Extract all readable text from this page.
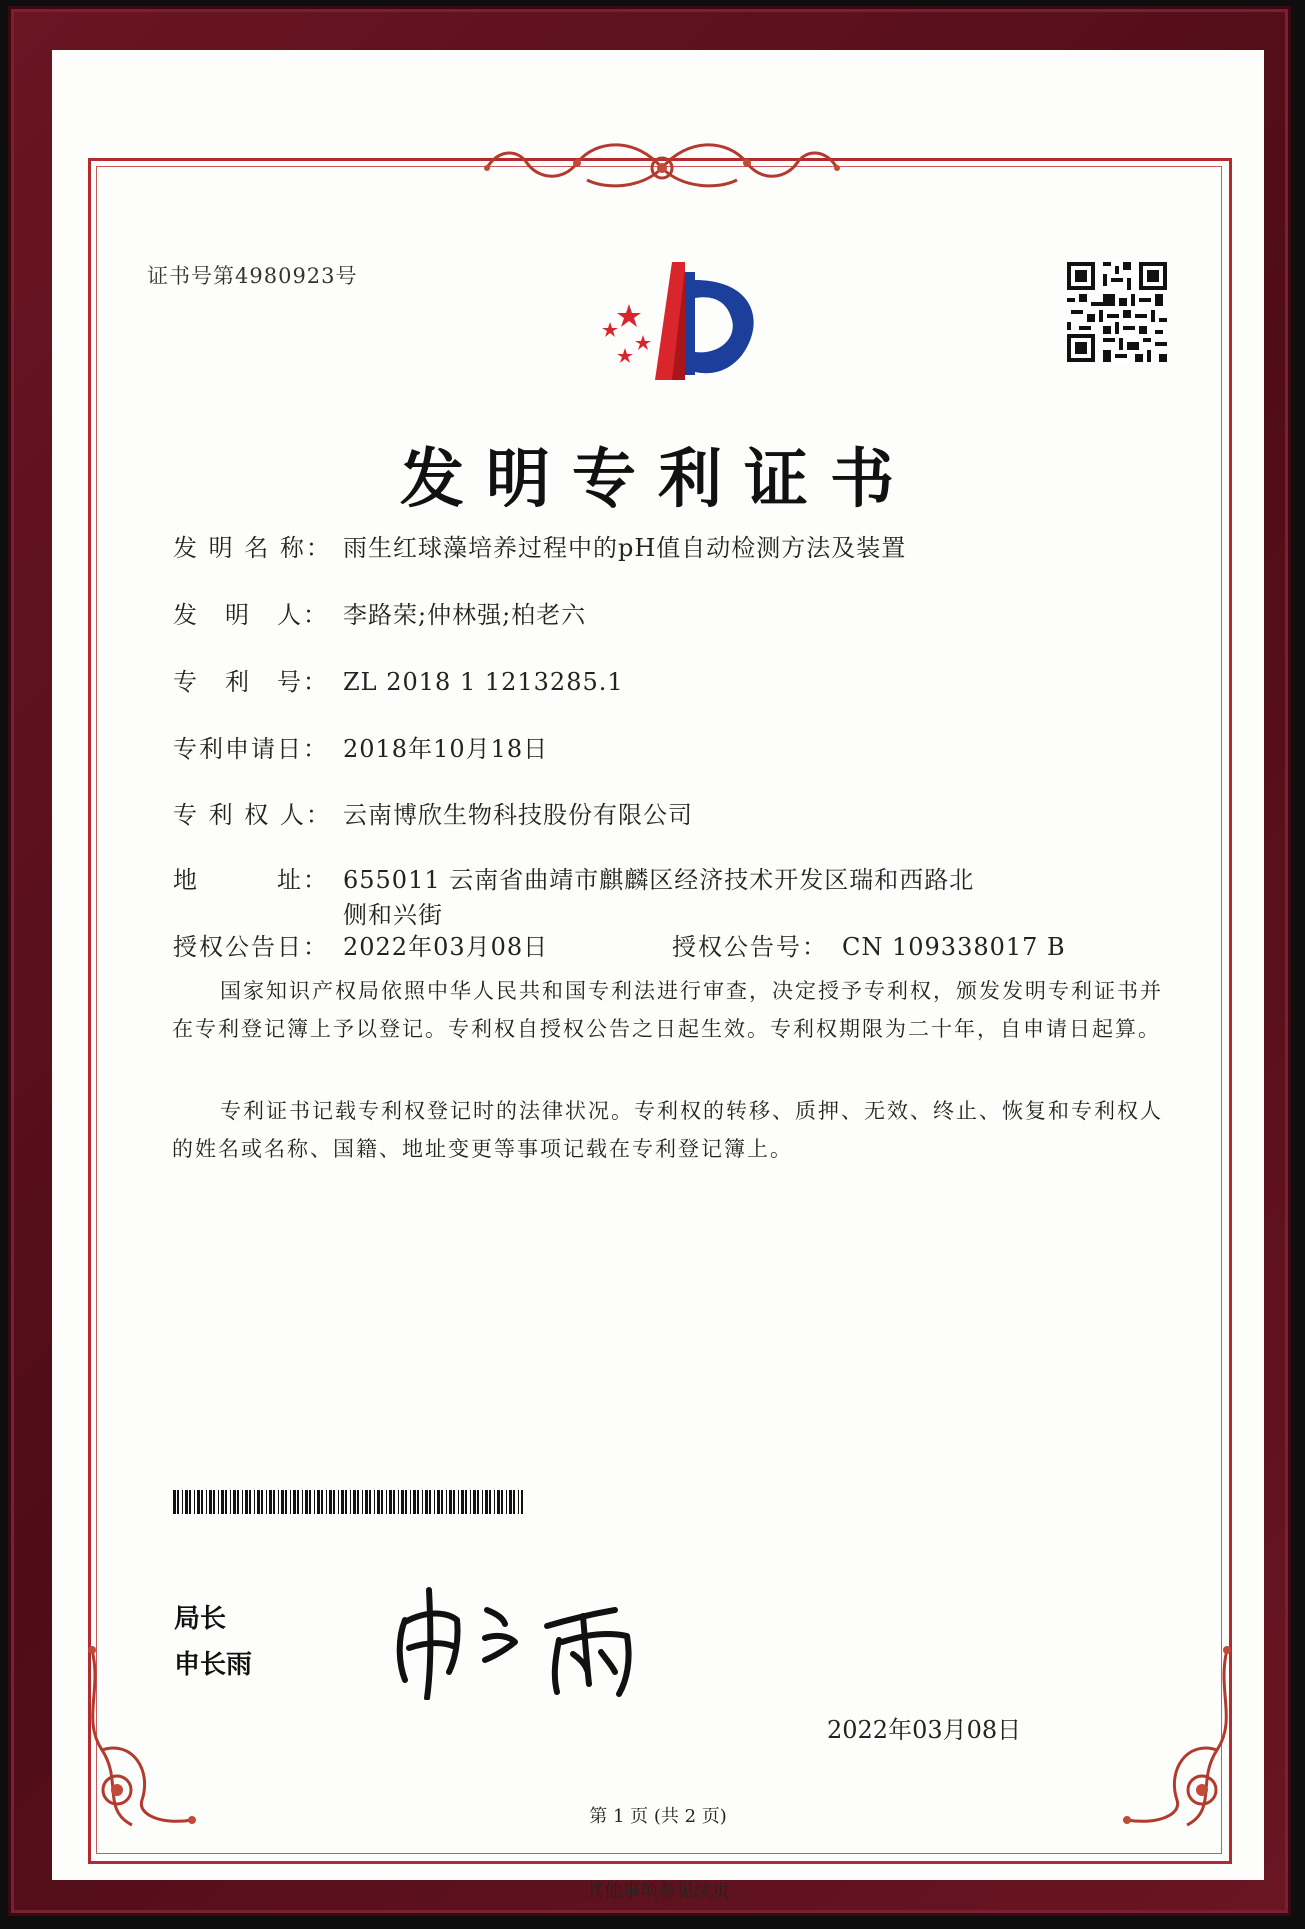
证书号第4980923号
发明专利证书
发 明 名 称： 雨生红球藻培养过程中的pH值自动检测方法及装置
发　明　人： 李路荣;仲林强;柏老六
专　利　号： ZL 2018 1 1213285.1
专利申请日： 2018年10月18日
专 利 权 人： 云南博欣生物科技股份有限公司
地　　　址： 655011 云南省曲靖市麒麟区经济技术开发区瑞和西路北
侧和兴街
授权公告日： 2022年03月08日	授权公告号： CN 109338017 B
国家知识产权局依照中华人民共和国专利法进行审查，决定授予专利权，颁发发明专利证书并在专利登记簿上予以登记。专利权自授权公告之日起生效。专利权期限为二十年，自申请日起算。
专利证书记载专利权登记时的法律状况。专利权的转移、质押、无效、终止、恢复和专利权人的姓名或名称、国籍、地址变更等事项记载在专利登记簿上。
局长
申长雨
2022年03月08日
第 1 页 (共 2 页)
其他事项参见续页
